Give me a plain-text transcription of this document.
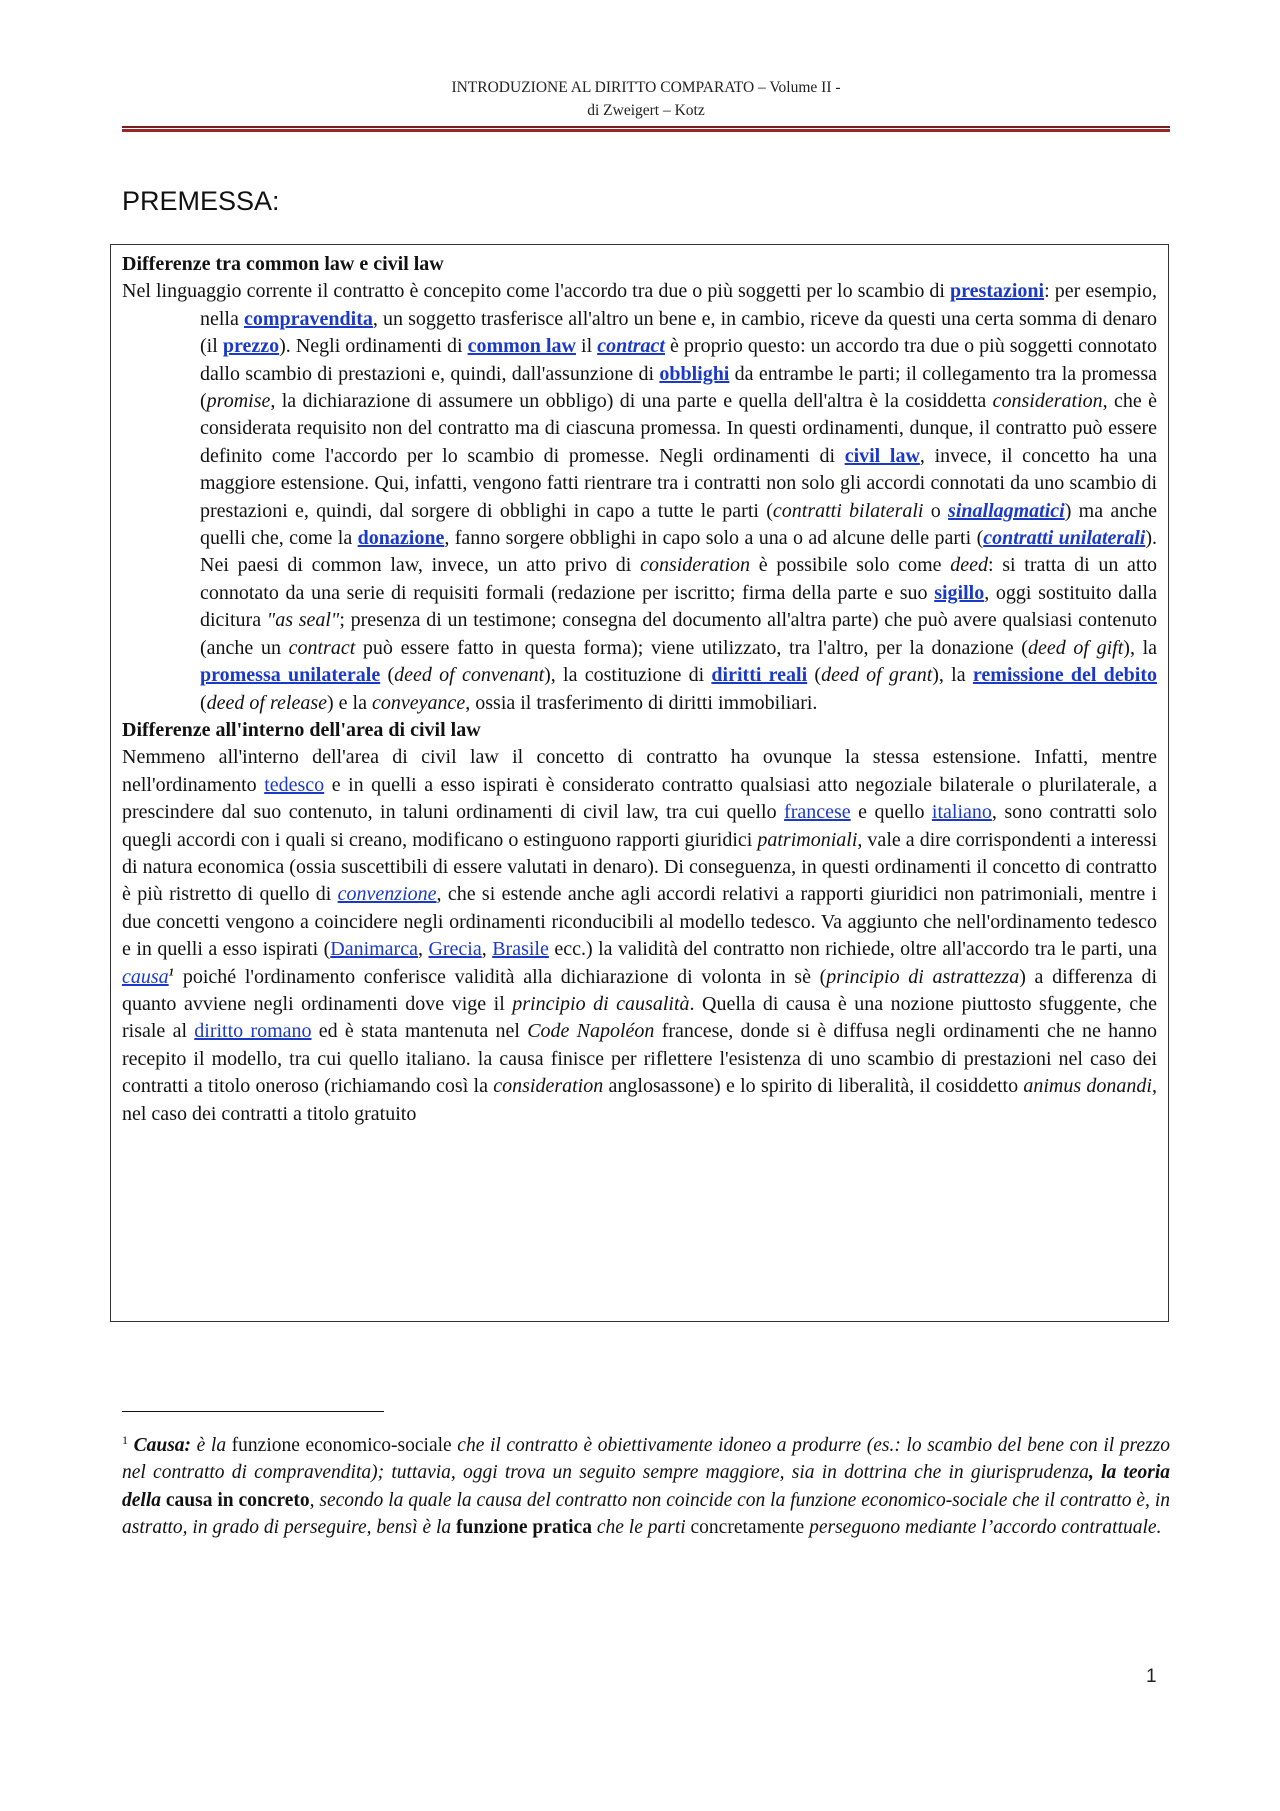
INTRODUZIONE AL DIRITTO COMPARATO – Volume II -
di Zweigert – Kotz
PREMESSA:

Differenze tra common law e civil law

Nel linguaggio corrente il contratto è concepito come l'accordo tra due o più soggetti per lo scambio di prestazioni: per esempio, nella compravendita, un soggetto trasferisce all'altro un bene e, in cambio, riceve da questi una certa somma di denaro (il prezzo). Negli ordinamenti di common law il contract è proprio questo: un accordo tra due o più soggetti connotato dallo scambio di prestazioni e, quindi, dall'assunzione di obblighi da entrambe le parti; il collegamento tra la promessa (promise, la dichiarazione di assumere un obbligo) di una parte e quella dell'altra è la cosiddetta consideration, che è considerata requisito non del contratto ma di ciascuna promessa. In questi ordinamenti, dunque, il contratto può essere definito come l'accordo per lo scambio di promesse. Negli ordinamenti di civil law, invece, il concetto ha una maggiore estensione. Qui, infatti, vengono fatti rientrare tra i contratti non solo gli accordi connotati da uno scambio di prestazioni e, quindi, dal sorgere di obblighi in capo a tutte le parti (contratti bilaterali o sinallagmatici) ma anche quelli che, come la donazione, fanno sorgere obblighi in capo solo a una o ad alcune delle parti (contratti unilaterali). Nei paesi di common law, invece, un atto privo di consideration è possibile solo come deed: si tratta di un atto connotato da una serie di requisiti formali (redazione per iscritto; firma della parte e suo sigillo, oggi sostituito dalla dicitura "as seal"; presenza di un testimone; consegna del documento all'altra parte) che può avere qualsiasi contenuto (anche un contract può essere fatto in questa forma); viene utilizzato, tra l'altro, per la donazione (deed of gift), la promessa unilaterale (deed of convenant), la costituzione di diritti reali (deed of grant), la remissione del debito (deed of release) e la conveyance, ossia il trasferimento di diritti immobiliari.

Differenze all'interno dell'area di civil law

Nemmeno all'interno dell'area di civil law il concetto di contratto ha ovunque la stessa estensione. Infatti, mentre nell'ordinamento tedesco e in quelli a esso ispirati è considerato contratto qualsiasi atto negoziale bilaterale o plurilaterale, a prescindere dal suo contenuto, in taluni ordinamenti di civil law, tra cui quello francese e quello italiano, sono contratti solo quegli accordi con i quali si creano, modificano o estinguono rapporti giuridici patrimoniali, vale a dire corrispondenti a interessi di natura economica (ossia suscettibili di essere valutati in denaro). Di conseguenza, in questi ordinamenti il concetto di contratto è più ristretto di quello di convenzione, che si estende anche agli accordi relativi a rapporti giuridici non patrimoniali, mentre i due concetti vengono a coincidere negli ordinamenti riconducibili al modello tedesco. Va aggiunto che nell'ordinamento tedesco e in quelli a esso ispirati (Danimarca, Grecia, Brasile ecc.) la validità del contratto non richiede, oltre all'accordo tra le parti, una causa$^1$ poiché l'ordinamento conferisce validità alla dichiarazione di volonta in sè (principio di astrattezza) a differenza di quanto avviene negli ordinamenti dove vige il principio di causalità. Quella di causa è una nozione piuttosto sfuggente, che risale al diritto romano ed è stata mantenuta nel Code Napoléon francese, donde si è diffusa negli ordinamenti che ne hanno recepito il modello, tra cui quello italiano. la causa finisce per riflettere l'esistenza di uno scambio di prestazioni nel caso dei contratti a titolo oneroso (richiamando così la consideration anglosassone) e lo spirito di liberalità, il cosiddetto animus donandi, nel caso dei contratti a titolo gratuito

$^1$ Causa: è la funzione economico-sociale che il contratto è obiettivamente idoneo a produrre (es.: lo scambio del bene con il prezzo nel contratto di compravendita); tuttavia, oggi trova un seguito sempre maggiore, sia in dottrina che in giurisprudenza, la teoria della causa in concreto, secondo la quale la causa del contratto non coincide con la funzione economico-sociale che il contratto è, in astratto, in grado di perseguire, bensì è la funzione pratica che le parti concretamente perseguono mediante l’accordo contrattuale.

1
